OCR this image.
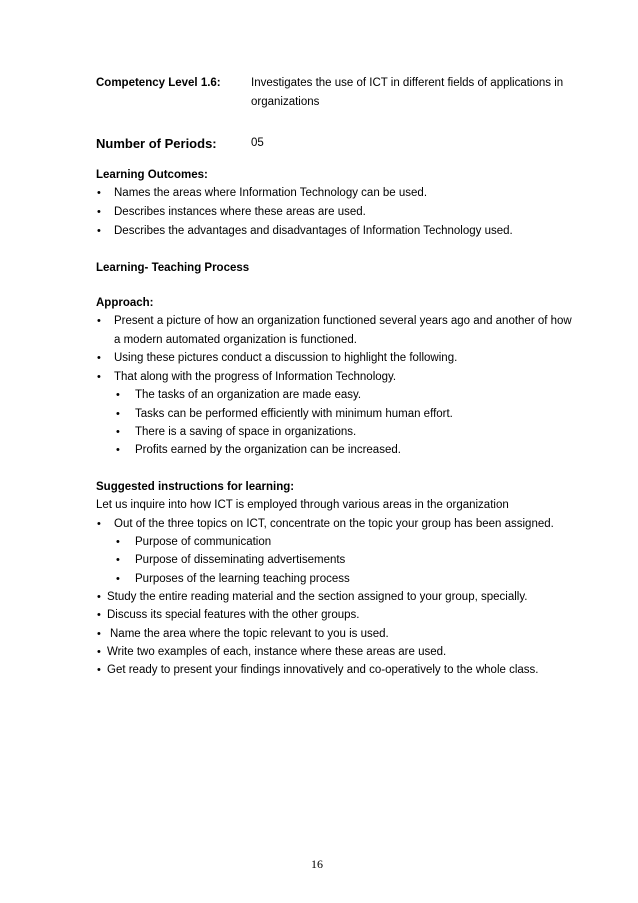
Competency Level 1.6:	Investigates the use of ICT in different fields of applications in
organizations
Number of Periods:	05
Learning Outcomes:
• Names the areas where Information Technology can be used.
• Describes instances where these areas are used.
• Describes the advantages and disadvantages of Information Technology used.
Learning- Teaching Process
Approach:
• Present a picture of how an organization functioned several years ago and another of how
a modern automated organization is functioned.
• Using these pictures conduct a discussion to highlight the following.
• That along with the progress of Information Technology.
• The tasks of an organization are made easy.
• Tasks can be performed efficiently with minimum human effort.
• There is a saving of space in organizations.
• Profits earned by the organization can be increased.
Suggested instructions for learning:
Let us inquire into how ICT is employed through various areas in the organization
• Out of the three topics on ICT, concentrate on the topic your group has been assigned.
• Purpose of communication
• Purpose of disseminating advertisements
• Purposes of the learning teaching process
• Study the entire reading material and the section assigned to your group, specially.
• Discuss its special features with the other groups.
• Name the area where the topic relevant to you is used.
• Write two examples of each, instance where these areas are used.
• Get ready to present your findings innovatively and co-operatively to the whole class.
16
